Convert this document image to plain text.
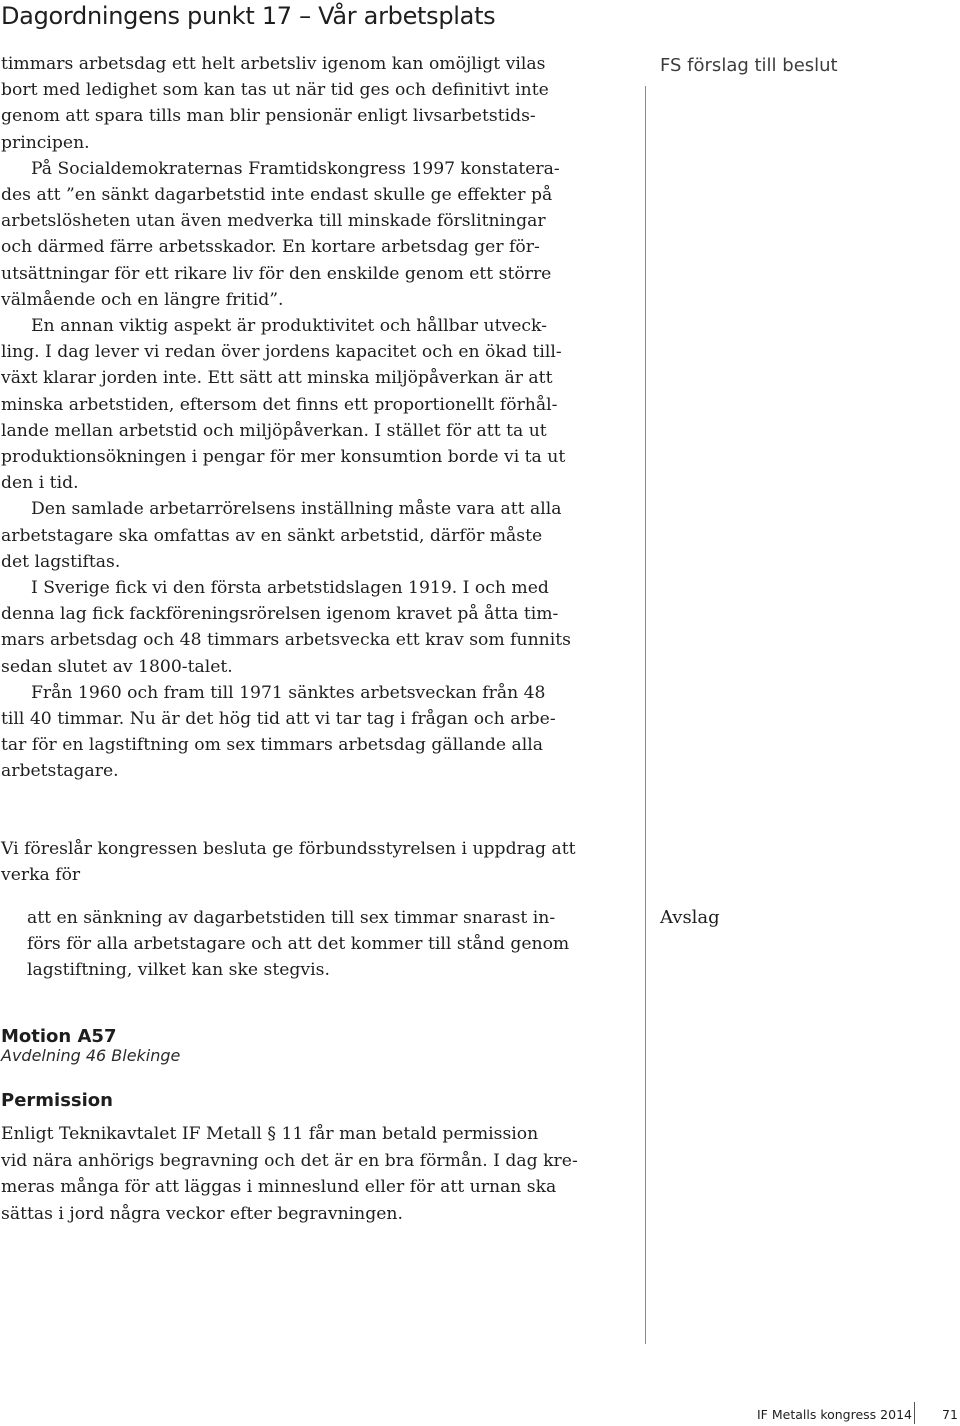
Dagordningens punkt 17 – Vår arbetsplats
FS förslag till beslut
timmars arbetsdag ett helt arbetsliv igenom kan omöjligt vilas
bort med ledighet som kan tas ut när tid ges och definitivt inte
genom att spara tills man blir pensionär enligt livsarbetstids-
principen.
På Socialdemokraternas Framtidskongress 1997 konstatera-
des att ”en sänkt dagarbetstid inte endast skulle ge effekter på
arbetslösheten utan även medverka till minskade förslitningar
och därmed färre arbetsskador. En kortare arbetsdag ger för-
utsättningar för ett rikare liv för den enskilde genom ett större
välmående och en längre fritid”.
En annan viktig aspekt är produktivitet och hållbar utveck-
ling. I dag lever vi redan över jordens kapacitet och en ökad till-
växt klarar jorden inte. Ett sätt att minska miljöpåverkan är att
minska arbetstiden, eftersom det finns ett proportionellt förhål-
lande mellan arbetstid och miljöpåverkan. I stället för att ta ut
produktionsökningen i pengar för mer konsumtion borde vi ta ut
den i tid.
Den samlade arbetarrörelsens inställning måste vara att alla
arbetstagare ska omfattas av en sänkt arbetstid, därför måste
det lagstiftas.
I Sverige fick vi den första arbetstidslagen 1919. I och med
denna lag fick fackföreningsrörelsen igenom kravet på åtta tim-
mars arbetsdag och 48 timmars arbetsvecka ett krav som funnits
sedan slutet av 1800-talet.
Från 1960 och fram till 1971 sänktes arbetsveckan från 48
till 40 timmar. Nu är det hög tid att vi tar tag i frågan och arbe-
tar för en lagstiftning om sex timmars arbetsdag gällande alla
arbetstagare.
Vi föreslår kongressen besluta ge förbundsstyrelsen i uppdrag att
verka för
att en sänkning av dagarbetstiden till sex timmar snarast in-
förs för alla arbetstagare och att det kommer till stånd genom
lagstiftning, vilket kan ske stegvis.
Avslag
Motion A57
Avdelning 46 Blekinge
Permission
Enligt Teknikavtalet IF Metall § 11 får man betald permission
vid nära anhörigs begravning och det är en bra förmån. I dag kre-
meras många för att läggas i minneslund eller för att urnan ska
sättas i jord några veckor efter begravningen.
IF Metalls kongress 2014 71
